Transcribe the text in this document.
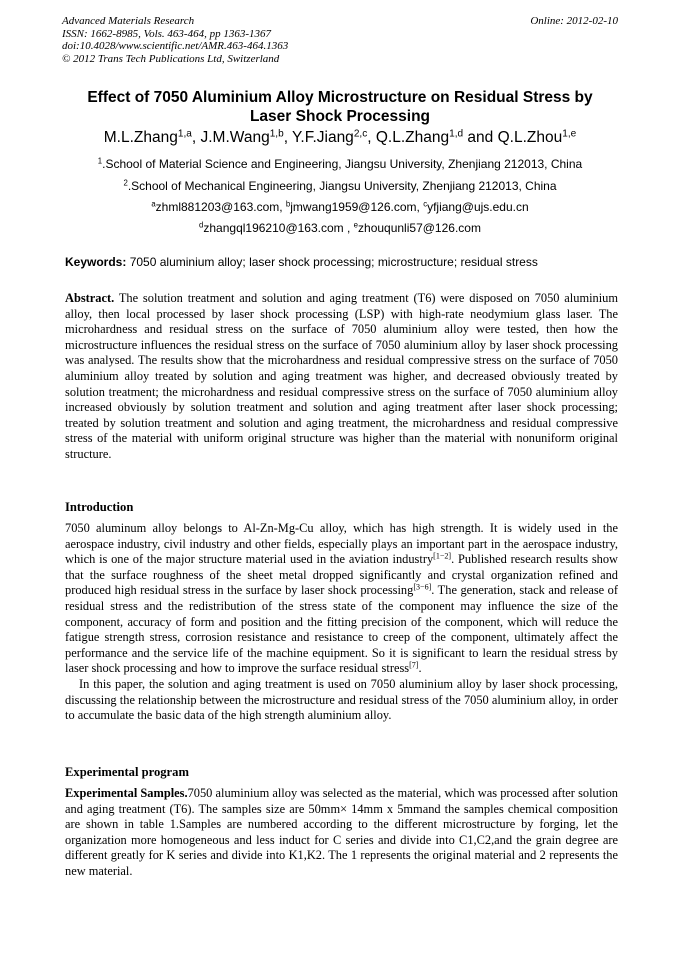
Advanced Materials Research
ISSN: 1662-8985, Vols. 463-464, pp 1363-1367
doi:10.4028/www.scientific.net/AMR.463-464.1363
© 2012 Trans Tech Publications Ltd, Switzerland
Online: 2012-02-10
Effect of 7050 Aluminium Alloy Microstructure on Residual Stress by
Laser Shock Processing
M.L.Zhang$^{1,a}$, J.M.Wang$^{1,b}$, Y.F.Jiang$^{2,c}$, Q.L.Zhang$^{1,d}$ and Q.L.Zhou$^{1,e}$
$^1$.School of Material Science and Engineering, Jiangsu University, Zhenjiang 212013, China
$^2$.School of Mechanical Engineering, Jiangsu University, Zhenjiang 212013, China
$^a$zhml881203@163.com, $^b$jmwang1959@126.com, $^c$yfjiang@ujs.edu.cn
$^d$zhangql196210@163.com , $^e$zhouqunli57@126.com
Keywords: 7050 aluminium alloy; laser shock processing; microstructure; residual stress
Abstract. The solution treatment and solution and aging treatment (T6) were disposed on 7050 aluminium alloy, then local processed by laser shock processing (LSP) with high-rate neodymium glass laser. The microhardness and residual stress on the surface of 7050 aluminium alloy were tested, then how the microstructure influences the residual stress on the surface of 7050 aluminium alloy by laser shock processing was analysed. The results show that the microhardness and residual compressive stress on the surface of 7050 aluminium alloy treated by solution and aging treatment was higher, and decreased obviously treated by solution treatment; the microhardness and residual compressive stress on the surface of 7050 aluminium alloy increased obviously by solution treatment and solution and aging treatment after laser shock processing; treated by solution treatment and solution and aging treatment, the microhardness and residual compressive stress of the material with uniform original structure was higher than the material with nonuniform original structure.
Introduction

7050 aluminum alloy belongs to Al-Zn-Mg-Cu alloy, which has high strength. It is widely used in the aerospace industry, civil industry and other fields, especially plays an important part in the aerospace industry, which is one of the major structure material used in the aviation industry[1−2]. Published research results show that the surface roughness of the sheet metal dropped significantly and crystal organization refined and produced high residual stress in the surface by laser shock processing[3−6]. The generation, stack and release of residual stress and the redistribution of the stress state of the component may influence the size of the component, accuracy of form and position and the fitting precision of the component, which will reduce the fatigue strength stress, corrosion resistance and resistance to creep of the component, ultimately affect the performance and the service life of the machine equipment. So it is significant to learn the residual stress by laser shock processing and how to improve the surface residual stress[7].

In this paper, the solution and aging treatment is used on 7050 aluminium alloy by laser shock processing, discussing the relationship between the microstructure and residual stress of the 7050 aluminium alloy, in order to accumulate the basic data of the high strength aluminium alloy.

Experimental program

Experimental Samples.7050 aluminium alloy was selected as the material, which was processed after solution and aging treatment (T6). The samples size are 50mm× 14mm x 5mmand the samples chemical composition are shown in table 1.Samples are numbered according to the different microstructure by forging, let the organization more homogeneous and less induct for C series and divide into C1,C2,and the grain degree are different greatly for K series and divide into K1,K2. The 1 represents the original material and 2 represents the new material.
